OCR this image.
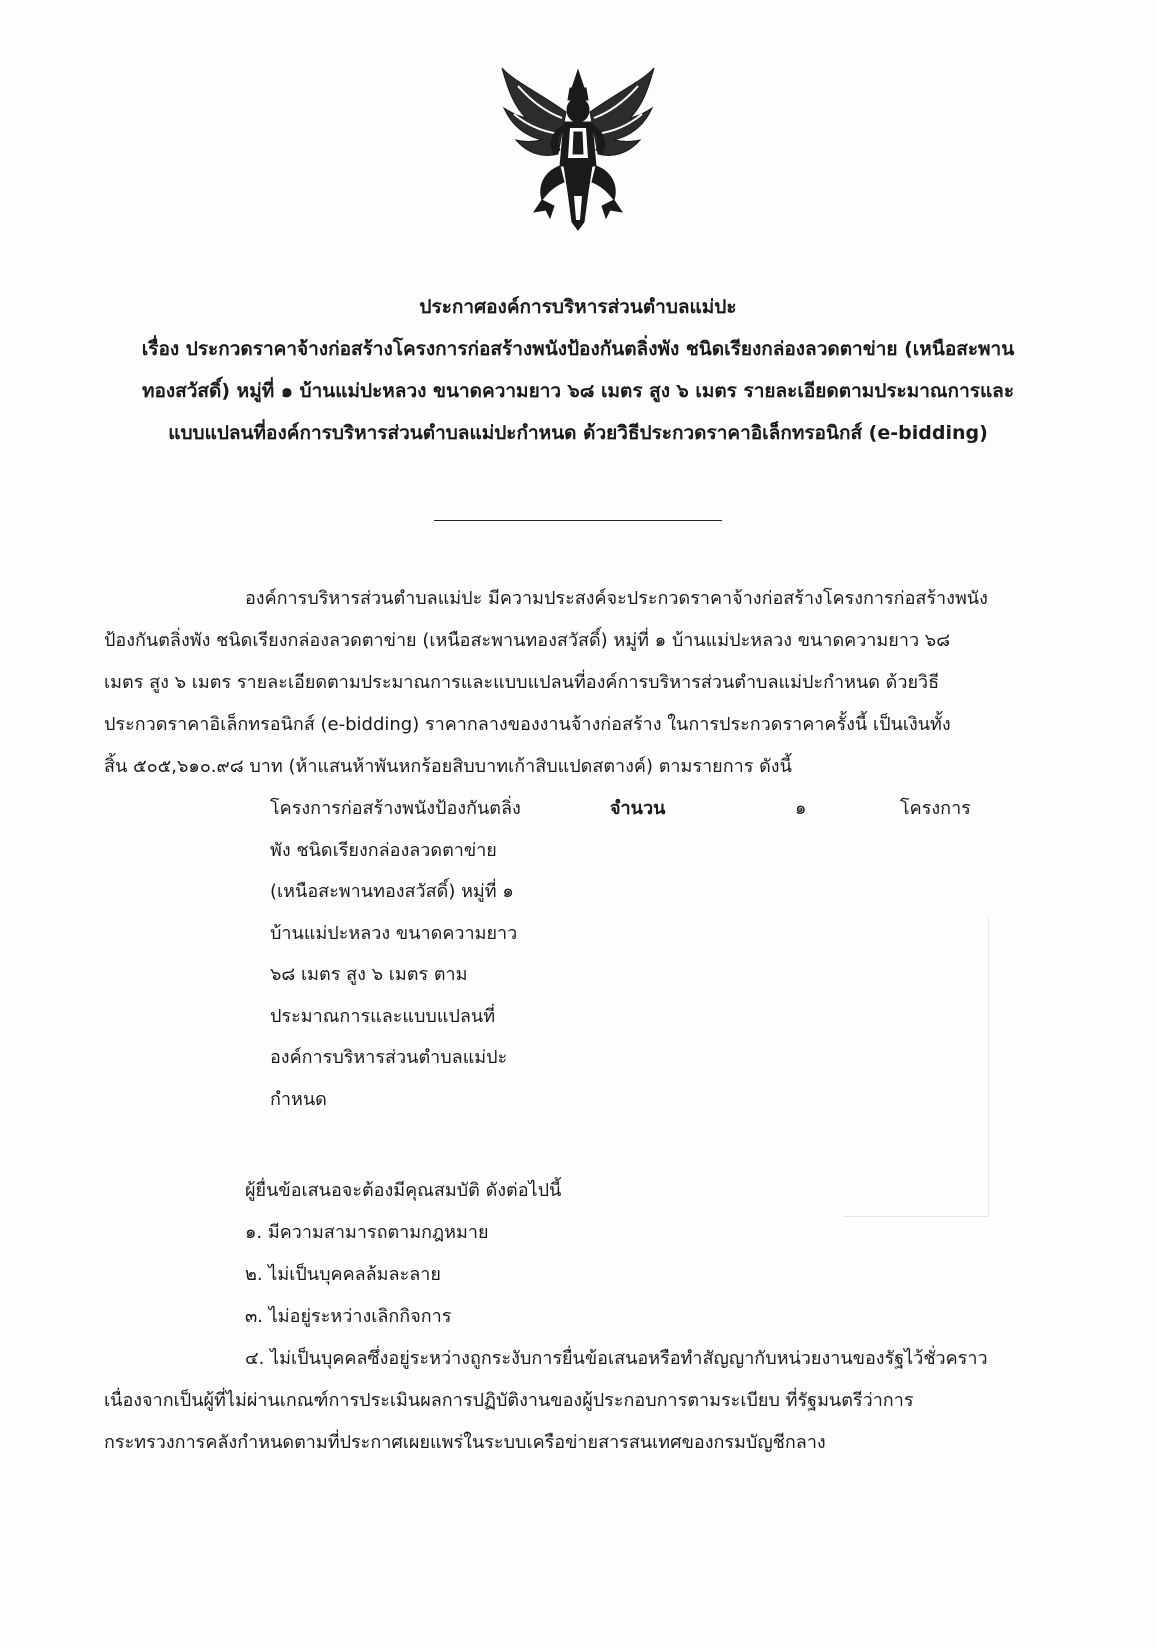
ประกาศองค์การบริหารส่วนตำบลแม่ปะ
เรื่อง ประกวดราคาจ้างก่อสร้างโครงการก่อสร้างพนังป้องกันตลิ่งพัง ชนิดเรียงกล่องลวดตาข่าย (เหนือสะพาน
ทองสวัสดิ์) หมู่ที่ ๑ บ้านแม่ปะหลวง ขนาดความยาว ๖๘ เมตร สูง ๖ เมตร รายละเอียดตามประมาณการและ
แบบแปลนที่องค์การบริหารส่วนตำบลแม่ปะกำหนด ด้วยวิธีประกวดราคาอิเล็กทรอนิกส์ (e-bidding)
องค์การบริหารส่วนตำบลแม่ปะ มีความประสงค์จะประกวดราคาจ้างก่อสร้างโครงการก่อสร้างพนัง
ป้องกันตลิ่งพัง ชนิดเรียงกล่องลวดตาข่าย (เหนือสะพานทองสวัสดิ์) หมู่ที่ ๑ บ้านแม่ปะหลวง ขนาดความยาว ๖๘
เมตร สูง ๖ เมตร รายละเอียดตามประมาณการและแบบแปลนที่องค์การบริหารส่วนตำบลแม่ปะกำหนด ด้วยวิธี
ประกวดราคาอิเล็กทรอนิกส์ (e-bidding) ราคากลางของงานจ้างก่อสร้าง ในการประกวดราคาครั้งนี้ เป็นเงินทั้ง
สิ้น ๕๐๕,๖๑๐.๙๘ บาท (ห้าแสนห้าพันหกร้อยสิบบาทเก้าสิบแปดสตางค์) ตามรายการ ดังนี้
โครงการก่อสร้างพนังป้องกันตลิ่ง
พัง ชนิดเรียงกล่องลวดตาข่าย
(เหนือสะพานทองสวัสดิ์) หมู่ที่ ๑
บ้านแม่ปะหลวง ขนาดความยาว
๖๘ เมตร สูง ๖ เมตร ตาม
ประมาณการและแบบแปลนที่
องค์การบริหารส่วนตำบลแม่ปะ
กำหนด
จำนวน	๑	โครงการ
ผู้ยื่นข้อเสนอจะต้องมีคุณสมบัติ ดังต่อไปนี้
๑. มีความสามารถตามกฎหมาย
๒. ไม่เป็นบุคคลล้มละลาย
๓. ไม่อยู่ระหว่างเลิกกิจการ
๔. ไม่เป็นบุคคลซึ่งอยู่ระหว่างถูกระงับการยื่นข้อเสนอหรือทำสัญญากับหน่วยงานของรัฐไว้ชั่วคราว
เนื่องจากเป็นผู้ที่ไม่ผ่านเกณฑ์การประเมินผลการปฏิบัติงานของผู้ประกอบการตามระเบียบ ที่รัฐมนตรีว่าการ
กระทรวงการคลังกำหนดตามที่ประกาศเผยแพร่ในระบบเครือข่ายสารสนเทศของกรมบัญชีกลาง
